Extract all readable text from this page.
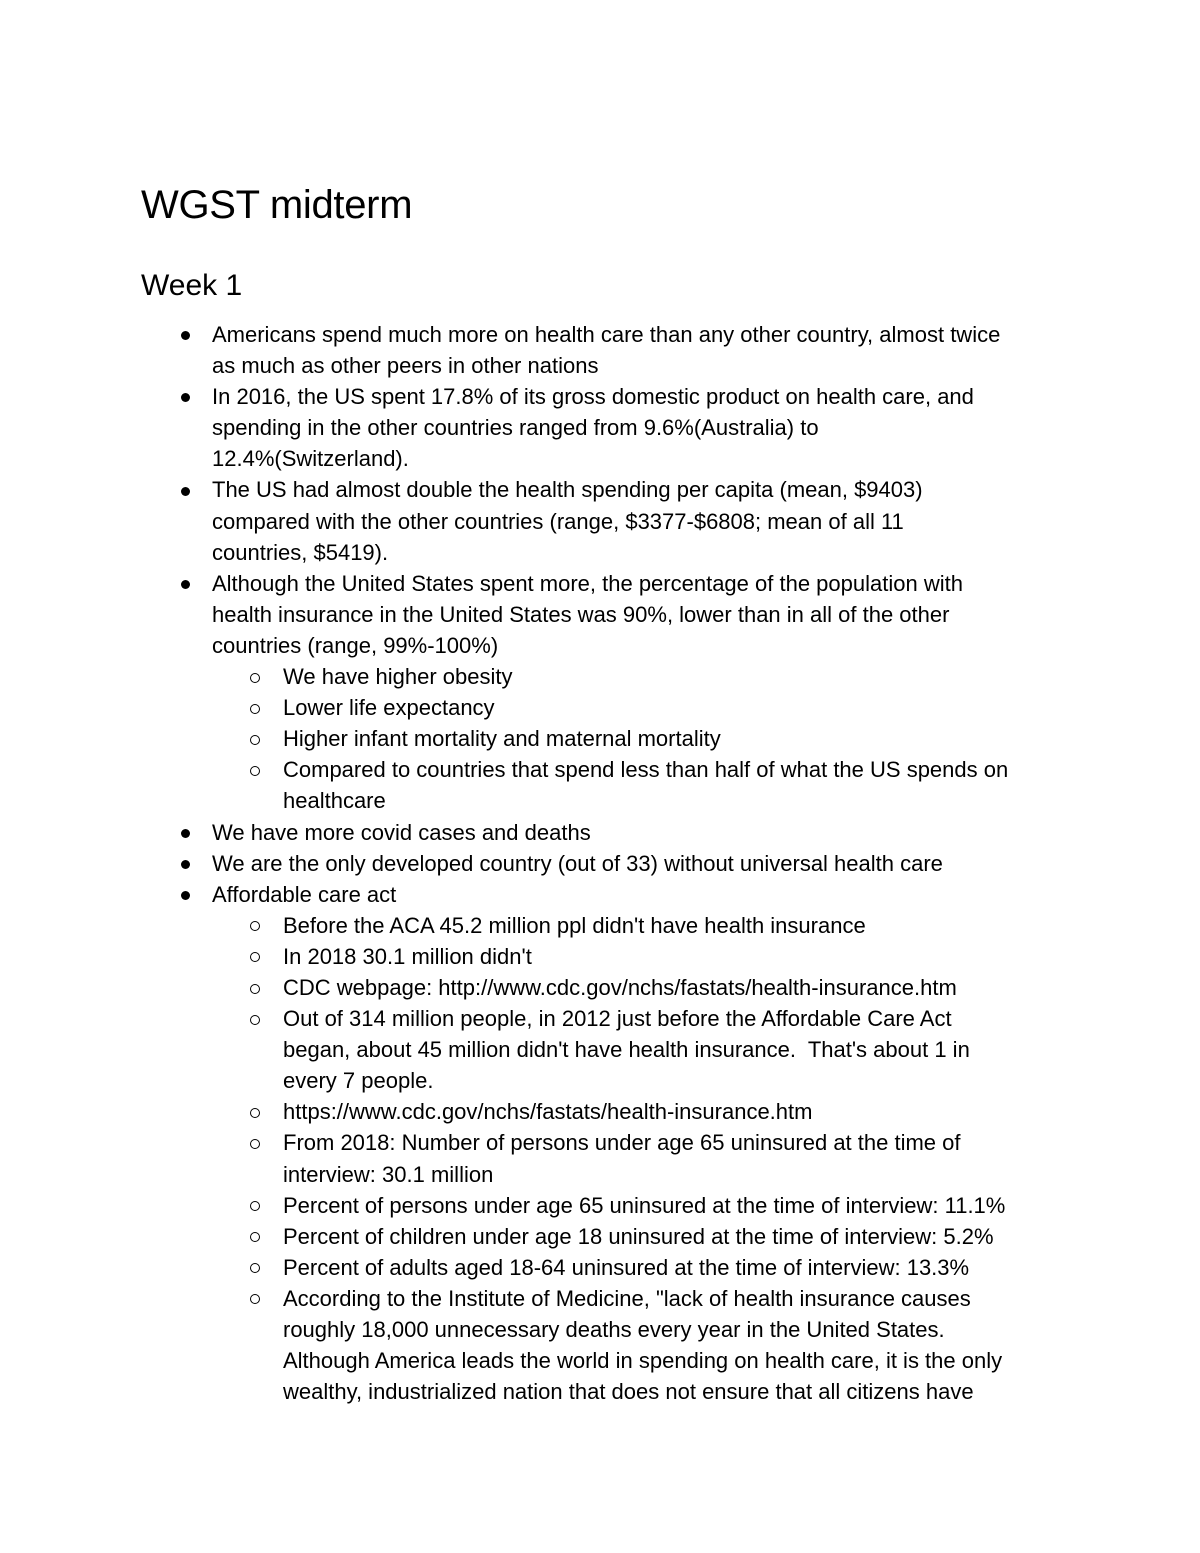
WGST midterm
Week 1
Americans spend much more on health care than any other country, almost twice
as much as other peers in other nations
In 2016, the US spent 17.8% of its gross domestic product on health care, and
spending in the other countries ranged from 9.6%(Australia) to
12.4%(Switzerland).
The US had almost double the health spending per capita (mean, $9403)
compared with the other countries (range, $3377-$6808; mean of all 11
countries, $5419).
Although the United States spent more, the percentage of the population with
health insurance in the United States was 90%, lower than in all of the other
countries (range, 99%-100%)
We have higher obesity
Lower life expectancy
Higher infant mortality and maternal mortality
Compared to countries that spend less than half of what the US spends on
healthcare
We have more covid cases and deaths
We are the only developed country (out of 33) without universal health care
Affordable care act
Before the ACA 45.2 million ppl didn't have health insurance
In 2018 30.1 million didn't
CDC webpage: http://www.cdc.gov/nchs/fastats/health-insurance.htm
Out of 314 million people, in 2012 just before the Affordable Care Act
began, about 45 million didn't have health insurance.  That's about 1 in
every 7 people.
https://www.cdc.gov/nchs/fastats/health-insurance.htm
From 2018: Number of persons under age 65 uninsured at the time of
interview: 30.1 million
Percent of persons under age 65 uninsured at the time of interview: 11.1%
Percent of children under age 18 uninsured at the time of interview: 5.2%
Percent of adults aged 18-64 uninsured at the time of interview: 13.3%
According to the Institute of Medicine, "lack of health insurance causes
roughly 18,000 unnecessary deaths every year in the United States.
Although America leads the world in spending on health care, it is the only
wealthy, industrialized nation that does not ensure that all citizens have
